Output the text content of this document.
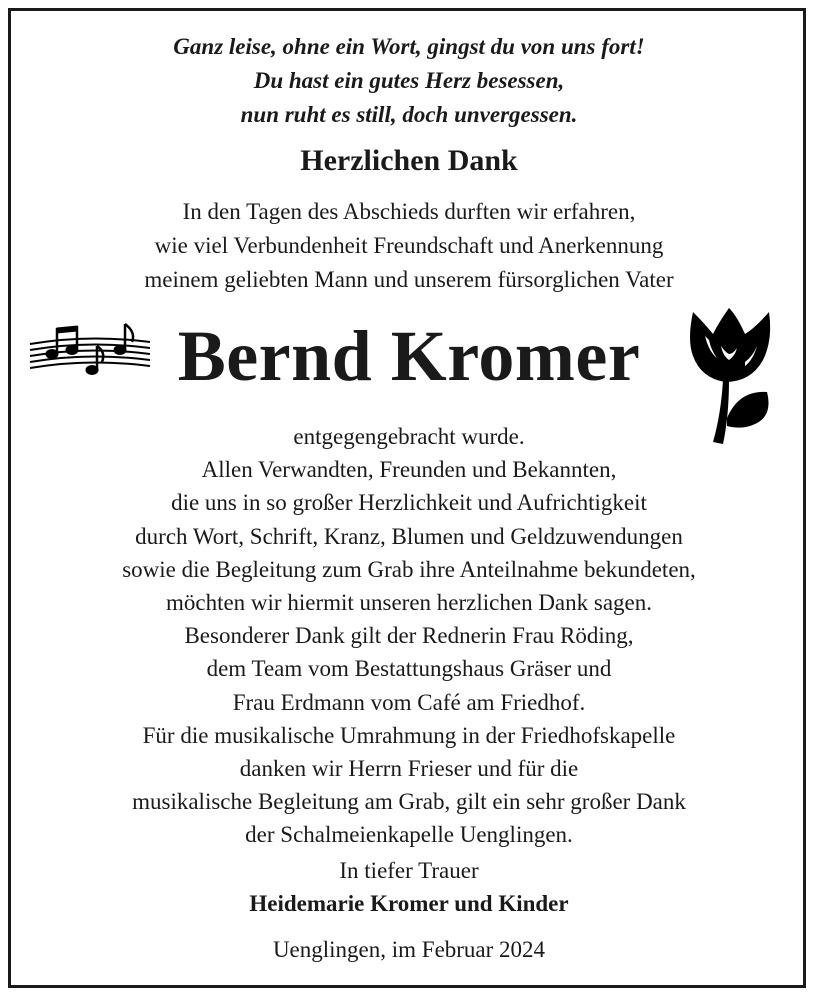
Ganz leise, ohne ein Wort, gingst du von uns fort!
Du hast ein gutes Herz besessen,
nun ruht es still, doch unvergessen.
Herzlichen Dank
In den Tagen des Abschieds durften wir erfahren,
wie viel Verbundenheit Freundschaft und Anerkennung
meinem geliebten Mann und unserem fürsorglichen Vater
Bernd Kromer
entgegengebracht wurde.
Allen Verwandten, Freunden und Bekannten,
die uns in so großer Herzlichkeit und Aufrichtigkeit
durch Wort, Schrift, Kranz, Blumen und Geldzuwendungen
sowie die Begleitung zum Grab ihre Anteilnahme bekundeten,
möchten wir hiermit unseren herzlichen Dank sagen.
Besonderer Dank gilt der Rednerin Frau Röding,
dem Team vom Bestattungshaus Gräser und
Frau Erdmann vom Café am Friedhof.
Für die musikalische Umrahmung in der Friedhofskapelle
danken wir Herrn Frieser und für die
musikalische Begleitung am Grab, gilt ein sehr großer Dank
der Schalmeienkapelle Uenglingen.
In tiefer Trauer
Heidemarie Kromer und Kinder
Uenglingen, im Februar 2024
